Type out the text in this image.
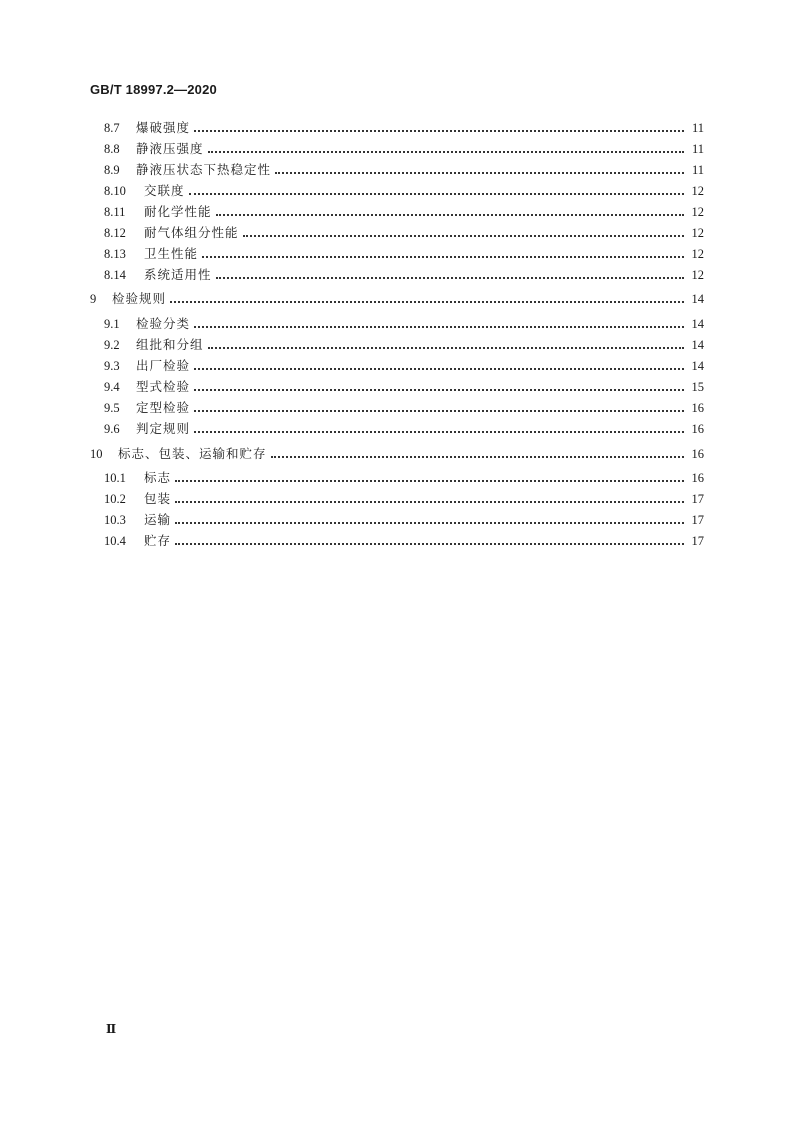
GB/T 18997.2—2020
8.7	爆破强度	11
8.8	静液压强度	11
8.9	静液压状态下热稳定性	11
8.10	交联度	12
8.11	耐化学性能	12
8.12	耐气体组分性能	12
8.13	卫生性能	12
8.14	系统适用性	12
9	检验规则	14
9.1	检验分类	14
9.2	组批和分组	14
9.3	出厂检验	14
9.4	型式检验	15
9.5	定型检验	16
9.6	判定规则	16
10	标志、包装、运输和贮存	16
10.1	标志	16
10.2	包装	17
10.3	运输	17
10.4	贮存	17
Ⅱ
